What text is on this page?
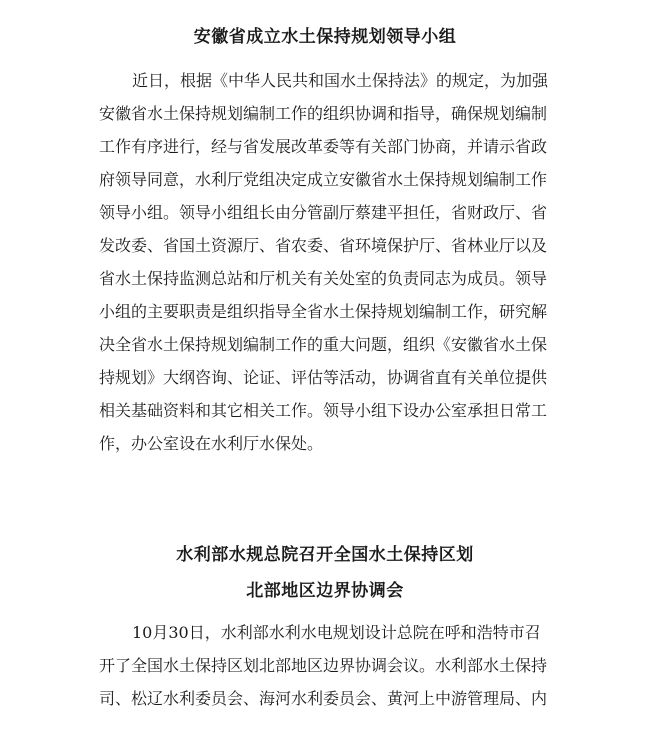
安徽省成立水土保持规划领导小组

近日，根据《中华人民共和国水土保持法》的规定，为加强

安徽省水土保持规划编制工作的组织协调和指导，确保规划编制

工作有序进行，经与省发展改革委等有关部门协商，并请示省政

府领导同意，水利厅党组决定成立安徽省水土保持规划编制工作

领导小组。领导小组组长由分管副厅蔡建平担任，省财政厅、省

发改委、省国土资源厅、省农委、省环境保护厅、省林业厅以及

省水土保持监测总站和厅机关有关处室的负责同志为成员。领导

小组的主要职责是组织指导全省水土保持规划编制工作，研究解

决全省水土保持规划编制工作的重大问题，组织《安徽省水土保

持规划》大纲咨询、论证、评估等活动，协调省直有关单位提供

相关基础资料和其它相关工作。领导小组下设办公室承担日常工

作，办公室设在水利厅水保处。

水利部水规总院召开全国水土保持区划
北部地区边界协调会

10月30日，水利部水利水电规划设计总院在呼和浩特市召

开了全国水土保持区划北部地区边界协调会议。水利部水土保持

司、松辽水利委员会、海河水利委员会、黄河上中游管理局、内
